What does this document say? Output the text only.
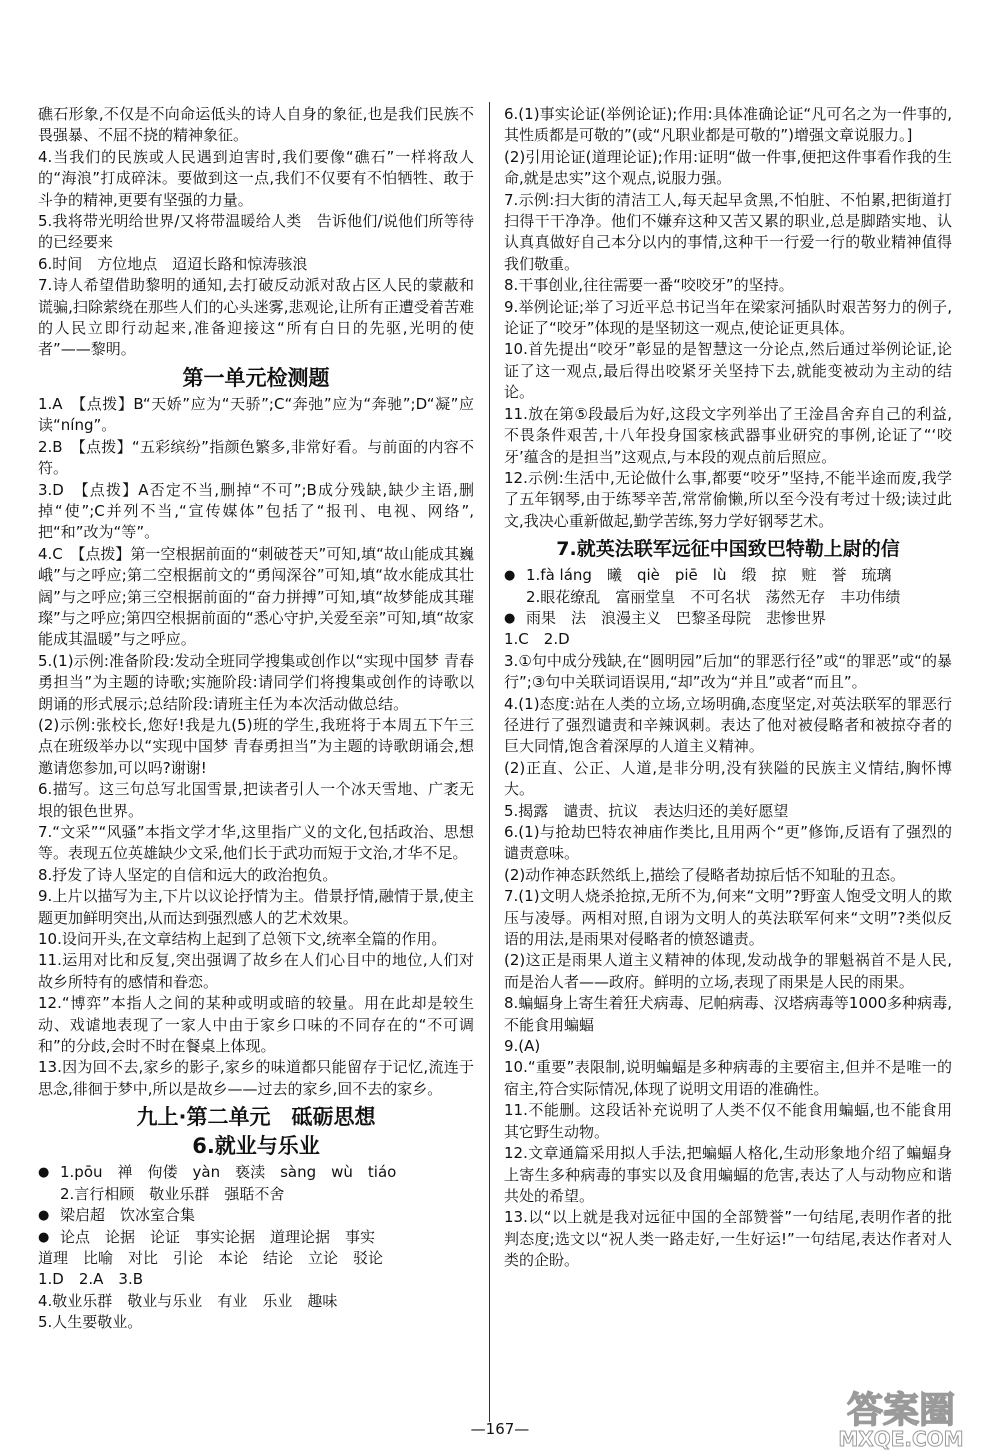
礁石形象,不仅是不向命运低头的诗人自身的象征,也是我们民族不畏强暴、不屈不挠的精神象征。

4.当我们的民族或人民遇到迫害时,我们要像“礁石”一样将敌人的“海浪”打成碎沫。要做到这一点,我们不仅要有不怕牺牲、敢于斗争的精神,更要有坚强的力量。

5.我将带光明给世界/又将带温暖给人类　告诉他们/说他们所等待的已经要来

6.时间　方位地点　迢迢长路和惊涛骇浪

7.诗人希望借助黎明的通知,去打破反动派对敌占区人民的蒙蔽和谎骗,扫除萦绕在那些人们的心头迷雾,悲观论,让所有正遭受着苦难的人民立即行动起来,准备迎接这“所有白日的先驱,光明的使者”——黎明。

第一单元检测题

1.A　【点拨】B“天娇”应为“天骄”;C“奔弛”应为“奔驰”;D“凝”应读“níng”。

2.B　【点拨】“五彩缤纷”指颜色繁多,非常好看。与前面的内容不符。

3.D　【点拨】A否定不当,删掉“不可”;B成分残缺,缺少主语,删掉“使”;C并列不当,“宣传媒体”包括了“报刊、电视、网络”,把“和”改为“等”。

4.C　【点拨】第一空根据前面的“刺破苍天”可知,填“故山能成其巍峨”与之呼应;第二空根据前文的“勇闯深谷”可知,填“故水能成其壮阔”与之呼应;第三空根据前面的“奋力拼搏”可知,填“故梦能成其璀璨”与之呼应;第四空根据前面的“悉心守护,关爱至亲”可知,填“故家能成其温暖”与之呼应。

5.(1)示例:准备阶段:发动全班同学搜集或创作以“实现中国梦 青春勇担当”为主题的诗歌;实施阶段:请同学们将搜集或创作的诗歌以朗诵的形式展示;总结阶段:请班主任为本次活动做总结。

(2)示例:张校长,您好!我是九(5)班的学生,我班将于本周五下午三点在班级举办以“实现中国梦 青春勇担当”为主题的诗歌朗诵会,想邀请您参加,可以吗?谢谢!

6.描写。这三句总写北国雪景,把读者引人一个冰天雪地、广袤无垠的银色世界。

7.“文采”“风骚”本指文学才华,这里指广义的文化,包括政治、思想等。表现五位英雄缺少文采,他们长于武功而短于文治,才华不足。

8.抒发了诗人坚定的自信和远大的政治抱负。

9.上片以描写为主,下片以议论抒情为主。借景抒情,融情于景,使主题更加鲜明突出,从而达到强烈感人的艺术效果。

10.设问开头,在文章结构上起到了总领下文,统率全篇的作用。

11.运用对比和反复,突出强调了故乡在人们心目中的地位,人们对故乡所特有的感情和眷恋。

12.“博弈”本指人之间的某种或明或暗的较量。用在此却是较生动、戏谑地表现了一家人中由于家乡口味的不同存在的“不可调和”的分歧,会时不时在餐桌上体现。

13.因为回不去,家乡的影子,家乡的味道都只能留存于记忆,流连于思念,徘徊于梦中,所以是故乡——过去的家乡,回不去的家乡。

九上·第二单元　砥砺思想
6.就业与乐业
●

1.pōu　禅　佝偻　yàn　亵渎　sàng　wù　tiáo

2.言行相顾　敬业乐群　强聒不舍

●

梁启超　饮冰室合集

●

论点　论据　论证　事实论据　道理论据　事实

道理　比喻　对比　引论　本论　结论　立论　驳论

1.D　2.A　3.B

4.敬业乐群　敬业与乐业　有业　乐业　趣味

5.人生要敬业。

6.(1)事实论证(举例论证);作用:具体准确论证“凡可名之为一件事的,其性质都是可敬的”(或“凡职业都是可敬的”)增强文章说服力。]

(2)引用论证(道理论证);作用:证明“做一件事,便把这件事看作我的生命,就是忠实”这个观点,说服力强。

7.示例:扫大街的清洁工人,每天起早贪黑,不怕脏、不怕累,把街道打扫得干干净净。他们不嫌弃这种又苦又累的职业,总是脚踏实地、认认真真做好自己本分以内的事情,这种干一行爱一行的敬业精神值得我们敬重。

8.干事创业,往往需要一番“咬咬牙”的坚持。

9.举例论证;举了习近平总书记当年在梁家河插队时艰苦努力的例子,论证了“咬牙”体现的是坚韧这一观点,使论证更具体。

10.首先提出“咬牙”彰显的是智慧这一分论点,然后通过举例论证,论证了这一观点,最后得出咬紧牙关坚持下去,就能变被动为主动的结论。

11.放在第⑤段最后为好,这段文字列举出了王淦昌舍弃自己的利益,不畏条件艰苦,十八年投身国家核武器事业研究的事例,论证了“‘咬牙’蕴含的是担当”这观点,与本段的观点前后照应。

12.示例:生活中,无论做什么事,都要“咬牙”坚持,不能半途而废,我学了五年钢琴,由于练琴辛苦,常常偷懒,所以至今没有考过十级;读过此文,我决心重新做起,勤学苦练,努力学好钢琴艺术。

7.就英法联军远征中国致巴特勒上尉的信
●

1.fà láng　曦　qiè　piē　lù　缎　掠　赃　誉　琉璃

2.眼花缭乱　富丽堂皇　不可名状　荡然无存　丰功伟绩

●

雨果　法　浪漫主义　巴黎圣母院　悲惨世界

1.C　2.D

3.①句中成分残缺,在“圆明园”后加“的罪恶行径”或“的罪恶”或“的暴行”;③句中关联词语误用,“却”改为“并且”或者“而且”。

4.(1)态度:站在人类的立场,立场明确,态度坚定,对英法联军的罪恶行径进行了强烈谴责和辛辣讽刺。表达了他对被侵略者和被掠夺者的巨大同情,饱含着深厚的人道主义精神。

(2)正直、公正、人道,是非分明,没有狭隘的民族主义情结,胸怀博大。

5.揭露　谴责、抗议　表达归还的美好愿望

6.(1)与抢劫巴特农神庙作类比,且用两个“更”修饰,反语有了强烈的谴责意味。

(2)动作神态跃然纸上,描绘了侵略者劫掠后恬不知耻的丑态。

7.(1)文明人烧杀抢掠,无所不为,何来“文明”?野蛮人饱受文明人的欺压与凌辱。两相对照,自诩为文明人的英法联军何来“文明”?类似反语的用法,是雨果对侵略者的愤怒谴责。

(2)这正是雨果人道主义精神的体现,发动战争的罪魁祸首不是人民,而是治人者——政府。鲜明的立场,表现了雨果是人民的雨果。

8.蝙蝠身上寄生着狂犬病毒、尼帕病毒、汉塔病毒等1000多种病毒,不能食用蝙蝠

9.(A)

10.“重要”表限制,说明蝙蝠是多种病毒的主要宿主,但并不是唯一的宿主,符合实际情况,体现了说明文用语的准确性。

11.不能删。这段话补充说明了人类不仅不能食用蝙蝠,也不能食用其它野生动物。

12.文章通篇采用拟人手法,把蝙蝠人格化,生动形象地介绍了蝙蝠身上寄生多种病毒的事实以及食用蝙蝠的危害,表达了人与动物应和谐共处的希望。

13.以“以上就是我对远征中国的全部赞誉”一句结尾,表明作者的批判态度;选文以“祝人类一路走好,一生好运!”一句结尾,表达作者对人类的企盼。

—167—	答案圈
MXQE.COM
